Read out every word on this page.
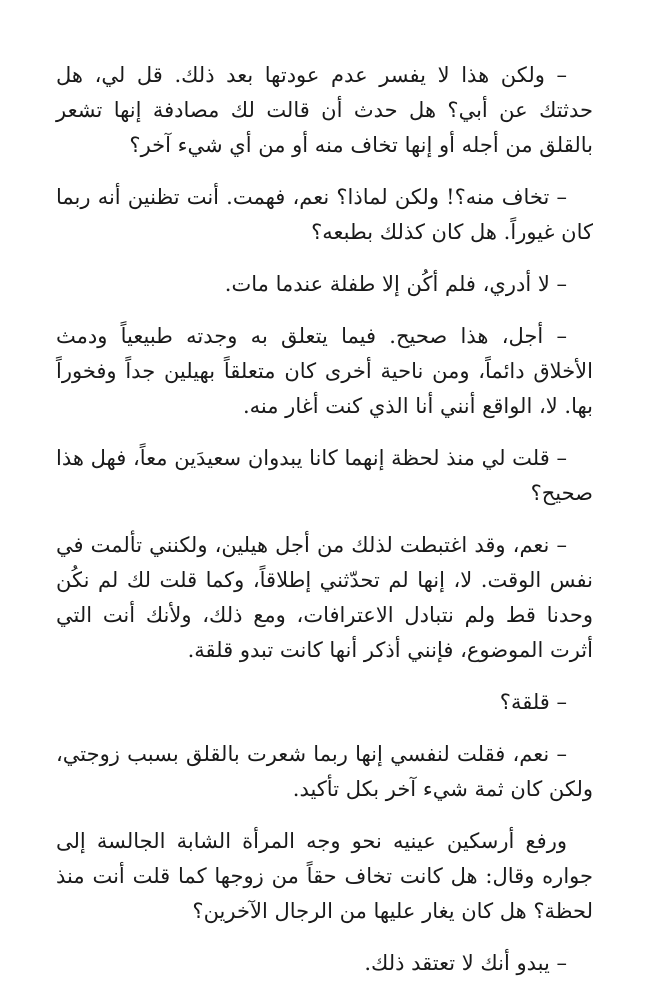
– ولكن هذا لا يفسر عدم عودتها بعد ذلك. قل لي، هل حدثتك عن أبي؟ هل حدث أن قالت لك مصادفة إنها تشعر بالقلق من أجله أو إنها تخاف منه أو من أي شيء آخر؟

– تخاف منه؟! ولكن لماذا؟ نعم، فهمت. أنت تظنين أنه ربما كان غيوراً. هل كان كذلك بطبعه؟

– لا أدري، فلم أكُن إلا طفلة عندما مات.

– أجل، هذا صحيح. فيما يتعلق به وجدته طبيعياً ودمث الأخلاق دائماً، ومن ناحية أخرى كان متعلقاً بهيلين جداً وفخوراً بها. لا، الواقع أنني أنا الذي كنت أغار منه.

– قلت لي منذ لحظة إنهما كانا يبدوان سعيدَين معاً، فهل هذا صحيح؟

– نعم، وقد اغتبطت لذلك من أجل هيلين، ولكنني تألمت في نفس الوقت. لا، إنها لم تحدّثني إطلاقاً، وكما قلت لك لم نكُن وحدنا قط ولم نتبادل الاعترافات، ومع ذلك، ولأنك أنت التي أثرت الموضوع، فإنني أذكر أنها كانت تبدو قلقة.

– قلقة؟

– نعم، فقلت لنفسي إنها ربما شعرت بالقلق بسبب زوجتي، ولكن كان ثمة شيء آخر بكل تأكيد.

ورفع أرسكين عينيه نحو وجه المرأة الشابة الجالسة إلى جواره وقال: هل كانت تخاف حقاً من زوجها كما قلت أنت منذ لحظة؟ هل كان يغار عليها من الرجال الآخرين؟

– يبدو أنك لا تعتقد ذلك.
